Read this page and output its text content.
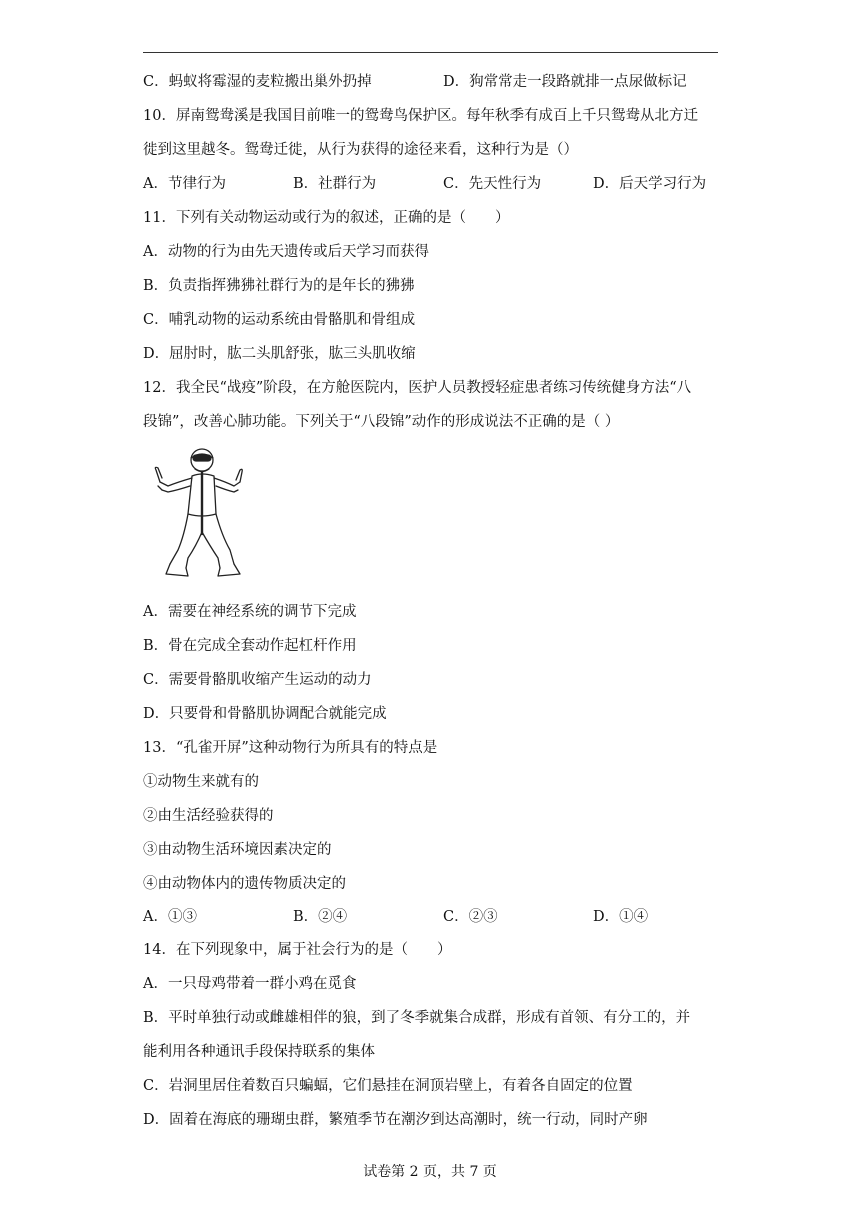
C．蚂蚁将霉湿的麦粒搬出巢外扔掉	D．狗常常走一段路就排一点尿做标记
10．屏南鸳鸯溪是我国目前唯一的鸳鸯鸟保护区。每年秋季有成百上千只鸳鸯从北方迁
徙到这里越冬。鸳鸯迁徙，从行为获得的途径来看，这种行为是（）
A．节律行为	B．社群行为	C．先天性行为	D．后天学习行为
11．下列有关动物运动或行为的叙述，正确的是（　　）
A．动物的行为由先天遗传或后天学习而获得
B．负责指挥狒狒社群行为的是年长的狒狒
C．哺乳动物的运动系统由骨骼肌和骨组成
D．屈肘时，肱二头肌舒张，肱三头肌收缩
12．我全民“战疫”阶段，在方舱医院内，医护人员教授轻症患者练习传统健身方法“八
段锦”，改善心肺功能。下列关于“八段锦”动作的形成说法不正确的是（ ）
A．需要在神经系统的调节下完成
B．骨在完成全套动作起杠杆作用
C．需要骨骼肌收缩产生运动的动力
D．只要骨和骨骼肌协调配合就能完成
13．“孔雀开屏”这种动物行为所具有的特点是
①动物生来就有的
②由生活经验获得的
③由动物生活环境因素决定的
④由动物体内的遗传物质决定的
A．①③	B．②④	C．②③	D．①④
14．在下列现象中，属于社会行为的是（　　）
A．一只母鸡带着一群小鸡在觅食
B．平时单独行动或雌雄相伴的狼，到了冬季就集合成群，形成有首领、有分工的，并
能利用各种通讯手段保持联系的集体
C．岩洞里居住着数百只蝙蝠，它们悬挂在洞顶岩壁上，有着各自固定的位置
D．固着在海底的珊瑚虫群，繁殖季节在潮汐到达高潮时，统一行动，同时产卵
试卷第 2 页，共 7 页
